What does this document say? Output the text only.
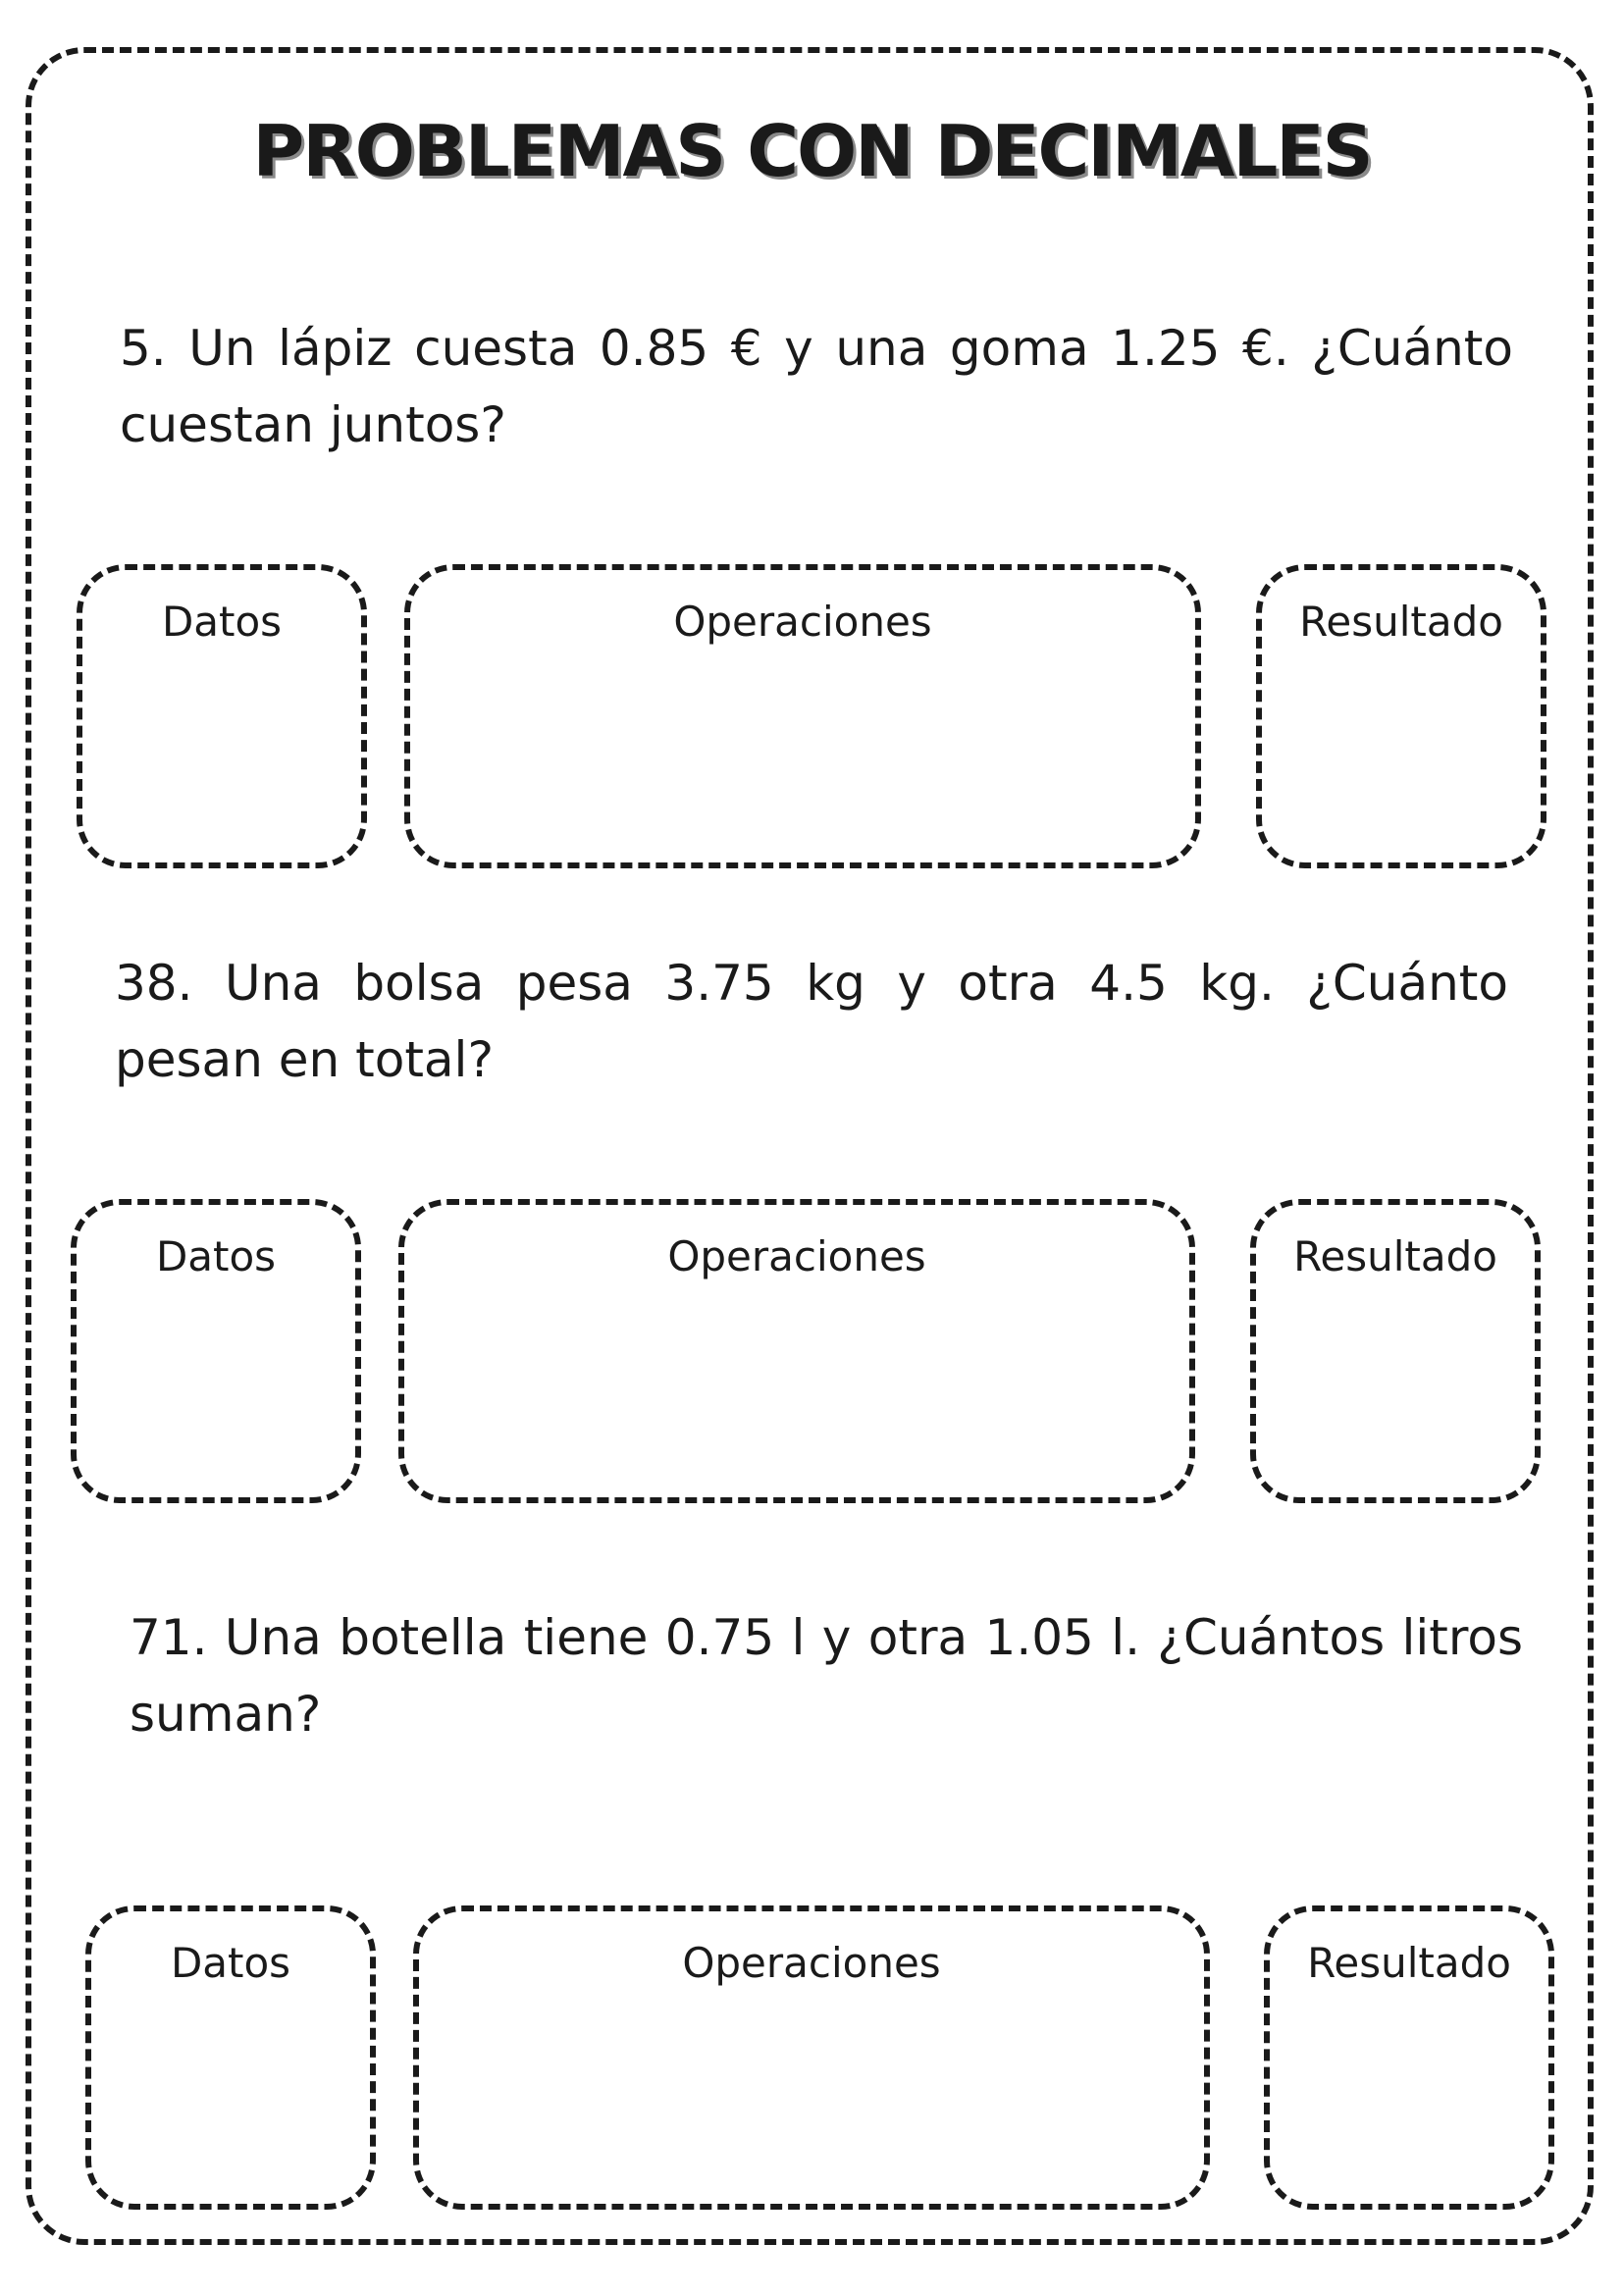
PROBLEMAS CON DECIMALES
5. Un lápiz cuesta 0.85 € y una goma 1.25 €. ¿Cuánto cuestan juntos?
Datos	Operaciones	Resultado
38. Una bolsa pesa 3.75 kg y otra 4.5 kg. ¿Cuánto pesan en total?
Datos	Operaciones	Resultado
71. Una botella tiene 0.75 l y otra 1.05 l. ¿Cuántos litros suman?
Datos	Operaciones	Resultado
